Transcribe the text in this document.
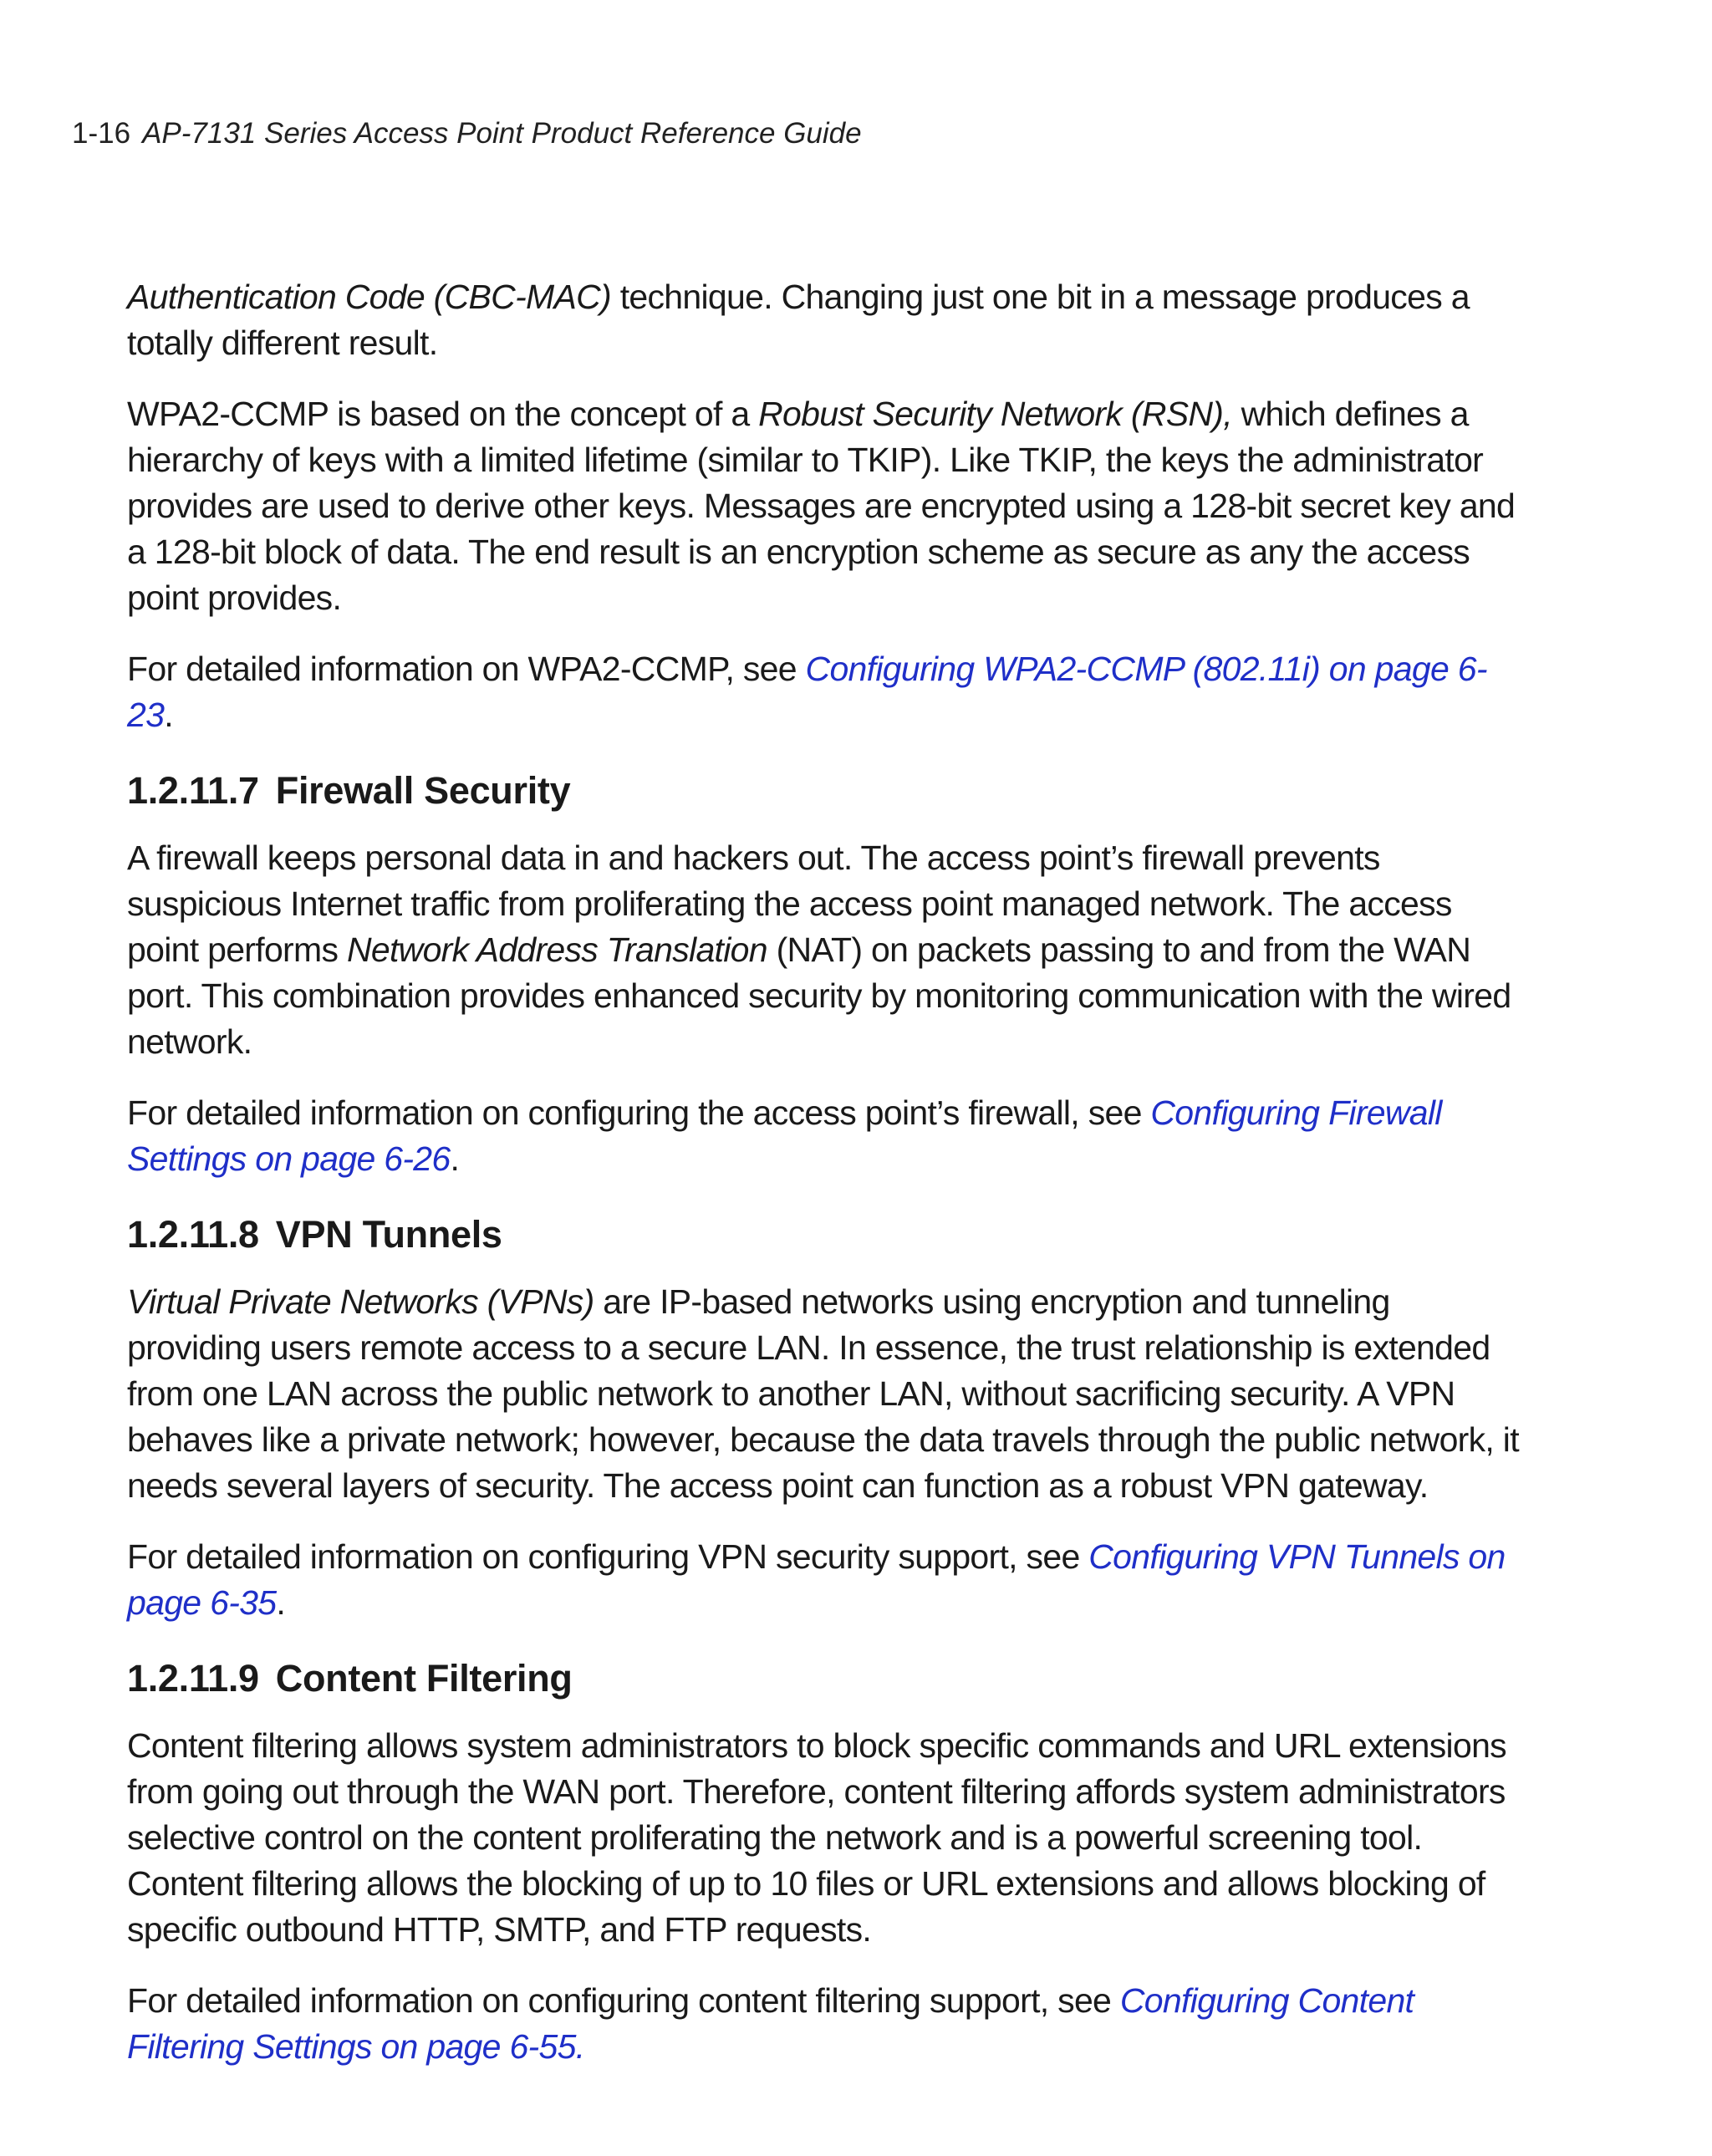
1-16 AP-7131 Series Access Point Product Reference Guide

Authentication Code (CBC-MAC) technique. Changing just one bit in a message produces a totally different result.

WPA2-CCMP is based on the concept of a Robust Security Network (RSN), which defines a hierarchy of keys with a limited lifetime (similar to TKIP). Like TKIP, the keys the administrator provides are used to derive other keys. Messages are encrypted using a 128-bit secret key and a 128-bit block of data. The end result is an encryption scheme as secure as any the access point provides.

For detailed information on WPA2-CCMP, see Configuring WPA2-CCMP (802.11i) on page 6-23.

1.2.11.7 Firewall Security

A firewall keeps personal data in and hackers out. The access point’s firewall prevents suspicious Internet traffic from proliferating the access point managed network. The access point performs Network Address Translation (NAT) on packets passing to and from the WAN port. This combination provides enhanced security by monitoring communication with the wired network.

For detailed information on configuring the access point’s firewall, see Configuring Firewall Settings on page 6-26.

1.2.11.8 VPN Tunnels

Virtual Private Networks (VPNs) are IP-based networks using encryption and tunneling providing users remote access to a secure LAN. In essence, the trust relationship is extended from one LAN across the public network to another LAN, without sacrificing security. A VPN behaves like a private network; however, because the data travels through the public network, it needs several layers of security. The access point can function as a robust VPN gateway.

For detailed information on configuring VPN security support, see Configuring VPN Tunnels on page 6-35.

1.2.11.9 Content Filtering

Content filtering allows system administrators to block specific commands and URL extensions from going out through the WAN port. Therefore, content filtering affords system administrators selective control on the content proliferating the network and is a powerful screening tool. Content filtering allows the blocking of up to 10 files or URL extensions and allows blocking of specific outbound HTTP, SMTP, and FTP requests.

For detailed information on configuring content filtering support, see Configuring Content Filtering Settings on page 6-55.
